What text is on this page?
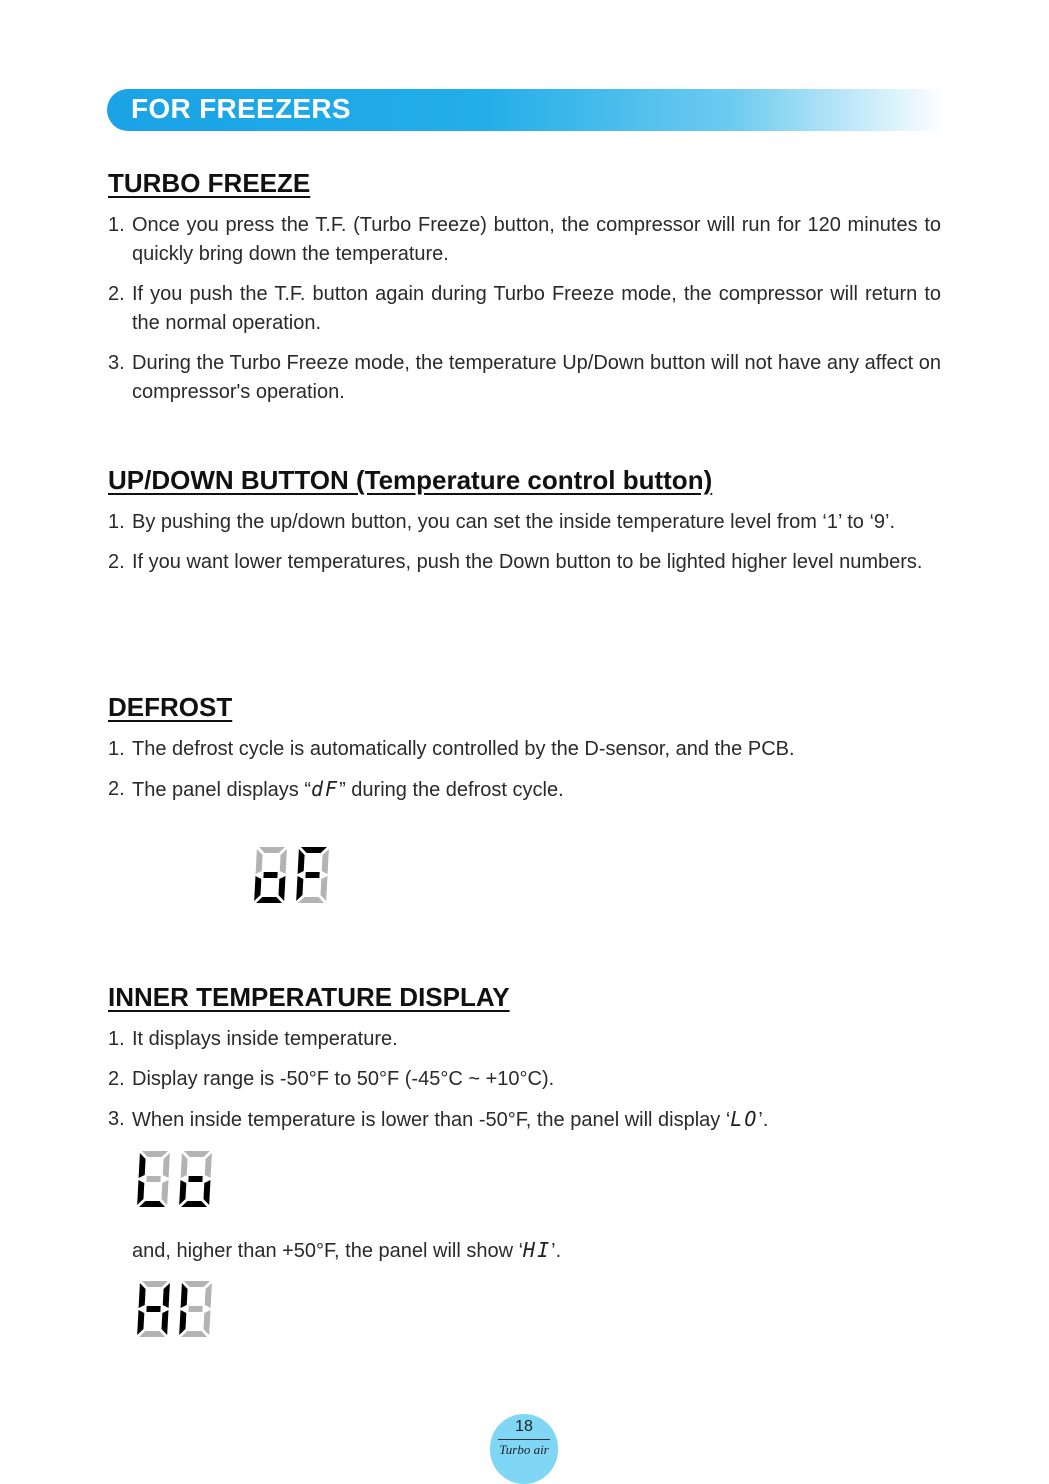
FOR FREEZERS
TURBO FREEZE
1. Once you press the T.F. (Turbo Freeze) button, the compressor will run for 120 minutes to quickly bring down the temperature.
2. If you push the T.F. button again during Turbo Freeze mode, the compressor will return to the normal operation.
3. During the Turbo Freeze mode, the temperature Up/Down button will not have any affect on compressor's operation.
UP/DOWN BUTTON (Temperature control button)
1. By pushing the up/down button, you can set the inside temperature level from ‘1’ to ‘9’.
2. If you want lower temperatures, push the Down button to be lighted higher level numbers.
DEFROST
1. The defrost cycle is automatically controlled by the D-sensor, and the PCB.
2. The panel displays “dF” during the defrost cycle.
INNER TEMPERATURE DISPLAY
1. It displays inside temperature.
2. Display range is -50°F to 50°F (-45°C ~ +10°C).
3. When inside temperature is lower than -50°F, the panel will display ‘LO’.

and, higher than +50°F, the panel will show ‘HI’.

18
Turbo air
